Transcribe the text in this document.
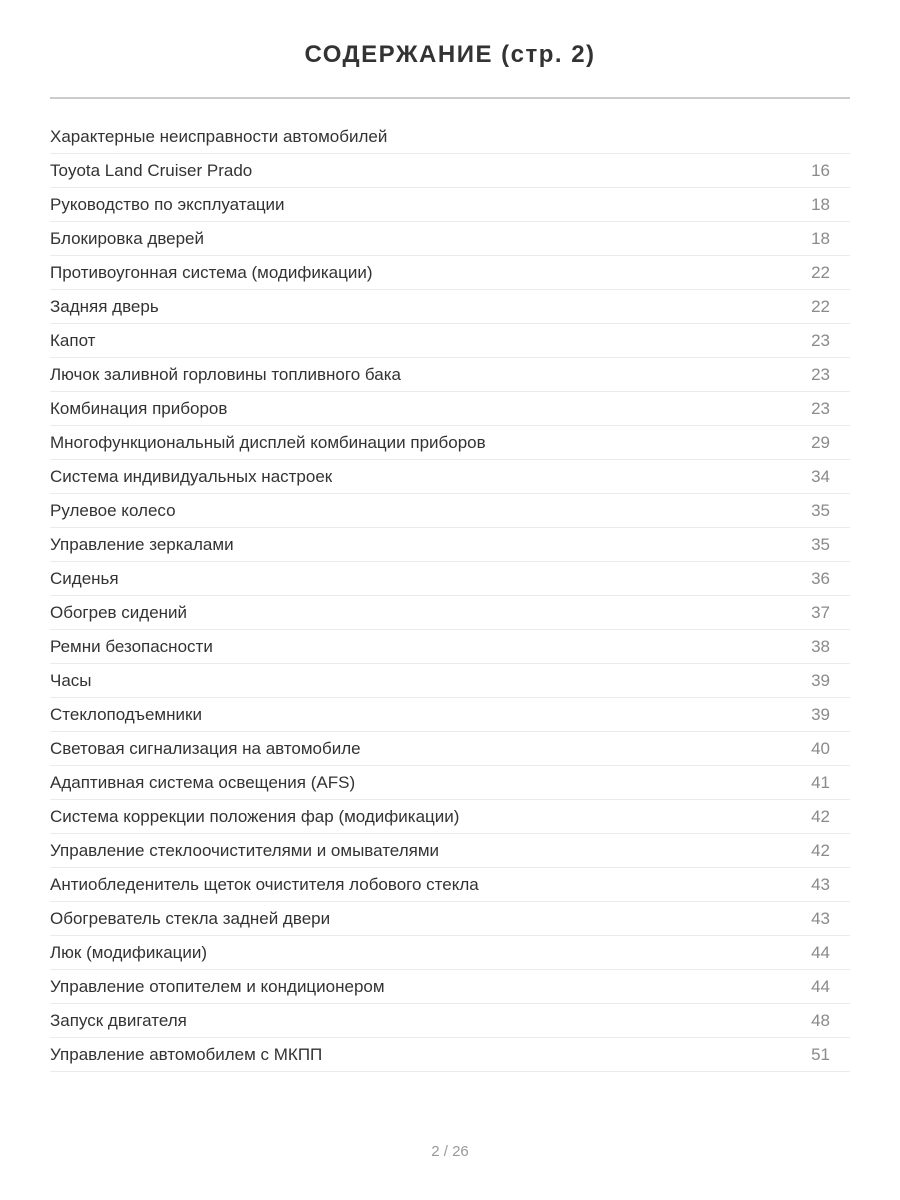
СОДЕРЖАНИЕ (стр. 2)
Характерные неисправности автомобилей
Toyota Land Cruiser Prado	16
Руководство по эксплуатации	18
Блокировка дверей	18
Противоугонная система (модификации)	22
Задняя дверь	22
Капот	23
Лючок заливной горловины топливного бака	23
Комбинация приборов	23
Многофункциональный дисплей комбинации приборов	29
Система индивидуальных настроек	34
Рулевое колесо	35
Управление зеркалами	35
Сиденья	36
Обогрев сидений	37
Ремни безопасности	38
Часы	39
Стеклоподъемники	39
Световая сигнализация на автомобиле	40
Адаптивная система освещения (AFS)	41
Система коррекции положения фар (модификации)	42
Управление стеклоочистителями и омывателями	42
Антиобледенитель щеток очистителя лобового стекла	43
Обогреватель стекла задней двери	43
Люк (модификации)	44
Управление отопителем и кондиционером	44
Запуск двигателя	48
Управление автомобилем с МКПП	51
2 / 26
